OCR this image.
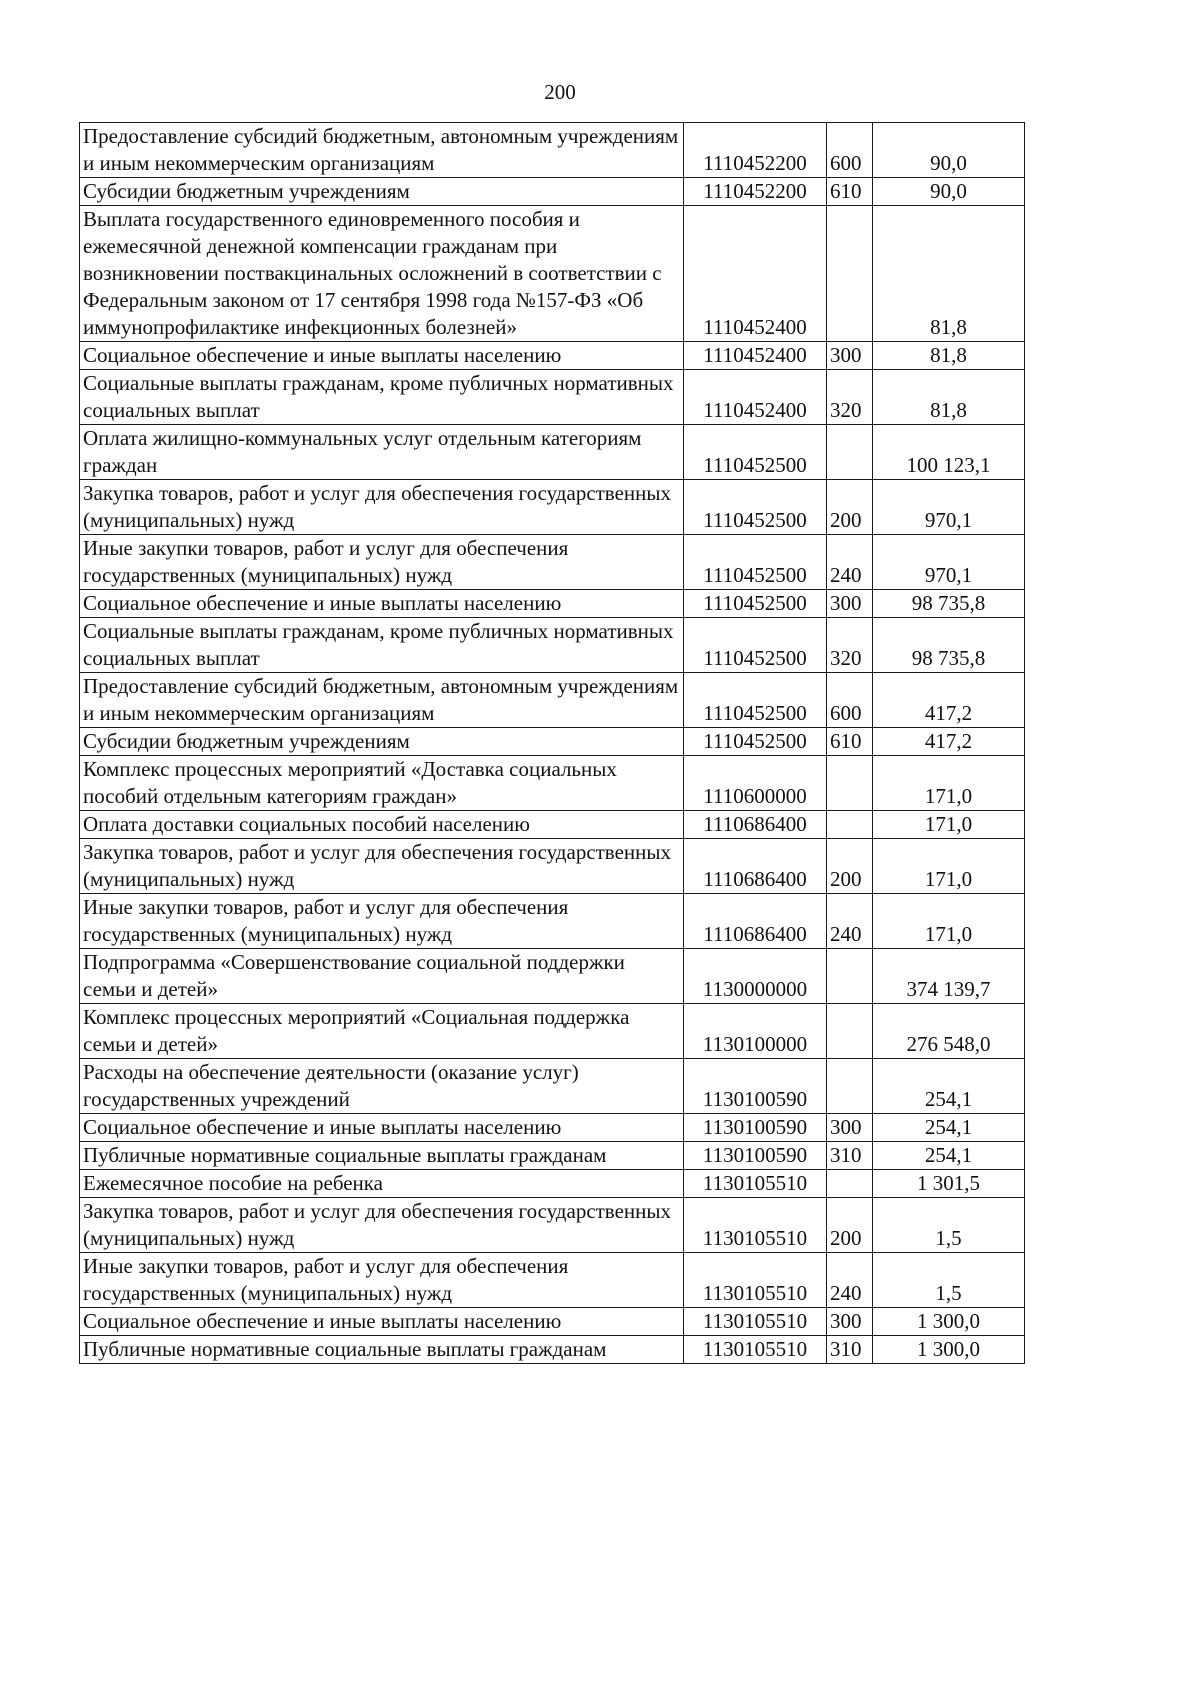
200
Предоставление субсидий бюджетным, автономным учреждениям и иным некоммерческим организациям	1110452200	600	90,0
Субсидии бюджетным учреждениям	1110452200	610	90,0
Выплата государственного единовременного пособия и ежемесячной денежной компенсации гражданам при возникновении поствакцинальных осложнений в соответствии с Федеральным законом от 17 сентября 1998 года №157-ФЗ «Об иммунопрофилактике инфекционных болезней»	1110452400		81,8
Социальное обеспечение и иные выплаты населению	1110452400	300	81,8
Социальные выплаты гражданам, кроме публичных нормативных социальных выплат	1110452400	320	81,8
Оплата жилищно-коммунальных услуг отдельным категориям граждан	1110452500		100 123,1
Закупка товаров, работ и услуг для обеспечения государственных (муниципальных) нужд	1110452500	200	970,1
Иные закупки товаров, работ и услуг для обеспечения государственных (муниципальных) нужд	1110452500	240	970,1
Социальное обеспечение и иные выплаты населению	1110452500	300	98 735,8
Социальные выплаты гражданам, кроме публичных нормативных социальных выплат	1110452500	320	98 735,8
Предоставление субсидий бюджетным, автономным учреждениям и иным некоммерческим организациям	1110452500	600	417,2
Субсидии бюджетным учреждениям	1110452500	610	417,2
Комплекс процессных мероприятий «Доставка социальных пособий отдельным категориям граждан»	1110600000		171,0
Оплата доставки социальных пособий населению	1110686400		171,0
Закупка товаров, работ и услуг для обеспечения государственных (муниципальных) нужд	1110686400	200	171,0
Иные закупки товаров, работ и услуг для обеспечения государственных (муниципальных) нужд	1110686400	240	171,0
Подпрограмма «Совершенствование социальной поддержки семьи и детей»	1130000000		374 139,7
Комплекс процессных мероприятий «Социальная поддержка семьи и детей»	1130100000		276 548,0
Расходы на обеспечение деятельности (оказание услуг) государственных учреждений	1130100590		254,1
Социальное обеспечение и иные выплаты населению	1130100590	300	254,1
Публичные нормативные социальные выплаты гражданам	1130100590	310	254,1
Ежемесячное пособие на ребенка	1130105510		1 301,5
Закупка товаров, работ и услуг для обеспечения государственных (муниципальных) нужд	1130105510	200	1,5
Иные закупки товаров, работ и услуг для обеспечения государственных (муниципальных) нужд	1130105510	240	1,5
Социальное обеспечение и иные выплаты населению	1130105510	300	1 300,0
Публичные нормативные социальные выплаты гражданам	1130105510	310	1 300,0
